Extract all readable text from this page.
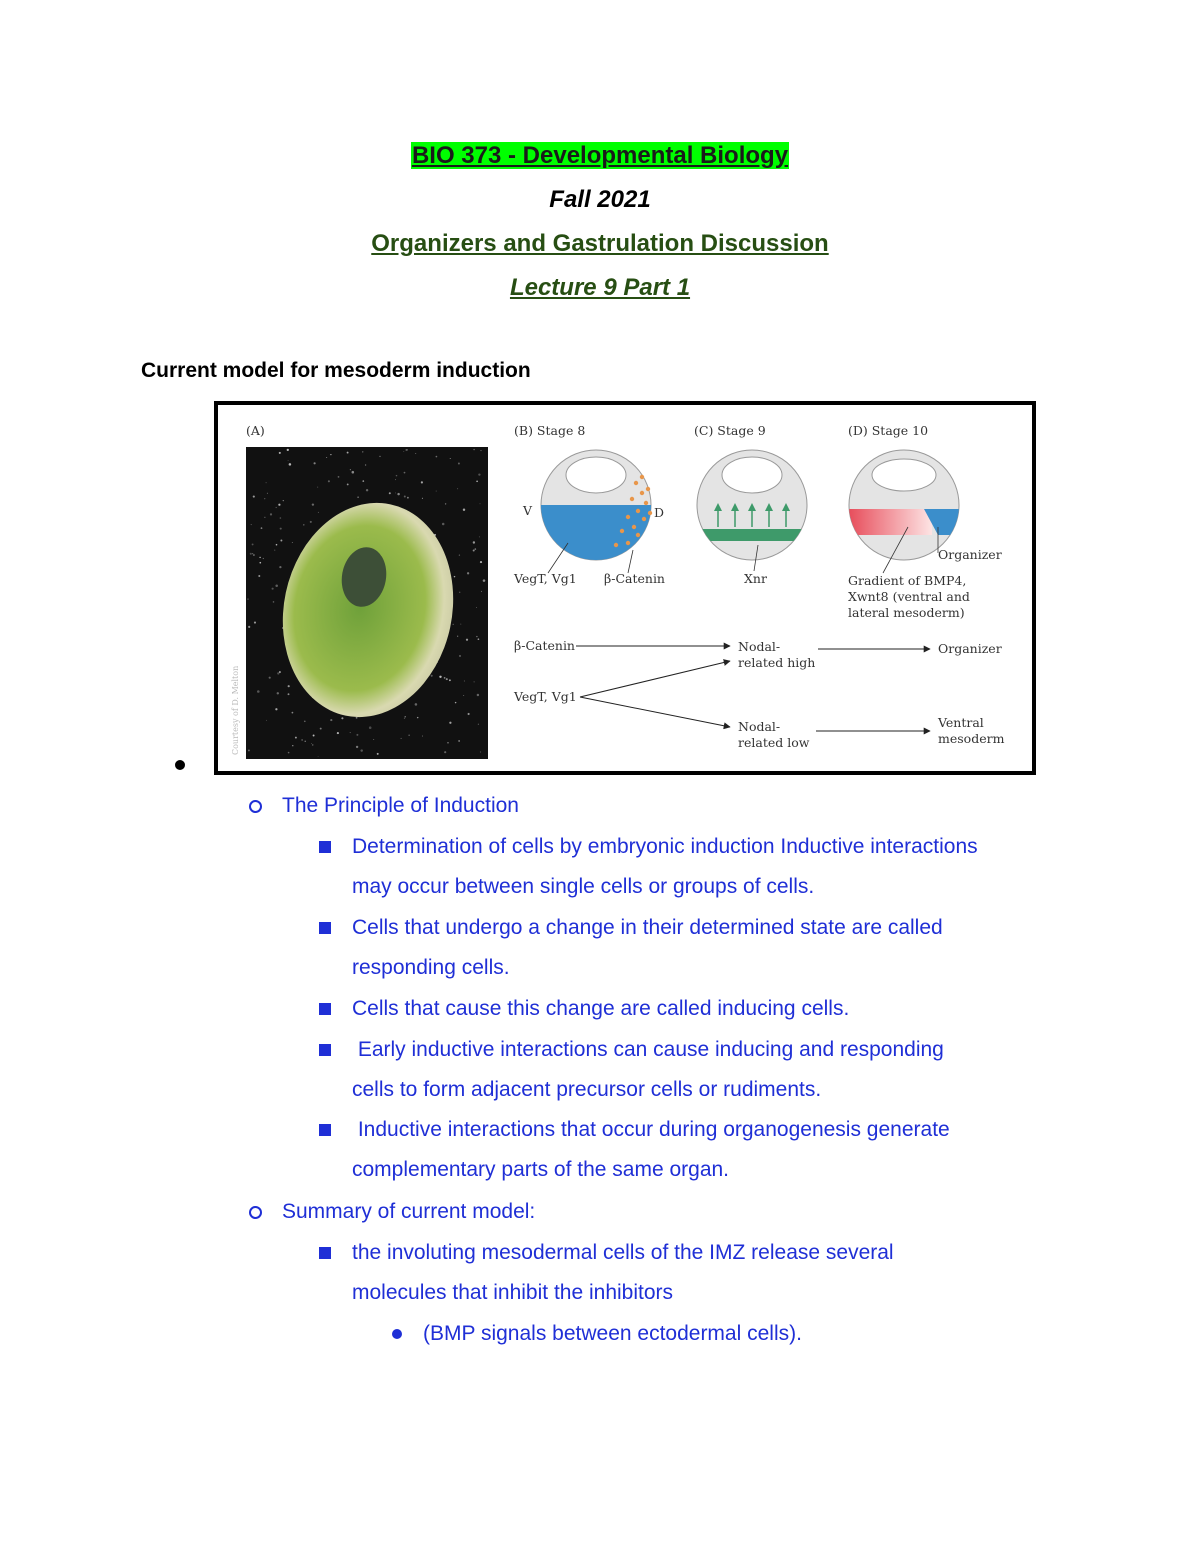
BIO 373 - Developmental Biology
Fall 2021
Organizers and Gastrulation Discussion
Lecture 9 Part 1
Current model for mesoderm induction
(A)
Courtesy of D. Melton
(B) Stage 8
V	D
VegT, Vg1 β-Catenin
(C) Stage 9
Xnr
(D) Stage 10
Organizer
Gradient of BMP4,
Xwnt8 (ventral and
lateral mesoderm)
β-Catenin	Nodal-
related high
Organizer
VegT, Vg1
Nodal-
related low
Ventral
mesoderm
The Principle of Induction
Determination of cells by embryonic induction Inductive interactions
may occur between single cells or groups of cells.
Cells that undergo a change in their determined state are called
responding cells.
Cells that cause this change are called inducing cells.
Early inductive interactions can cause inducing and responding
cells to form adjacent precursor cells or rudiments.
Inductive interactions that occur during organogenesis generate
complementary parts of the same organ.
Summary of current model:
the involuting mesodermal cells of the IMZ release several
molecules that inhibit the inhibitors
(BMP signals between ectodermal cells).
